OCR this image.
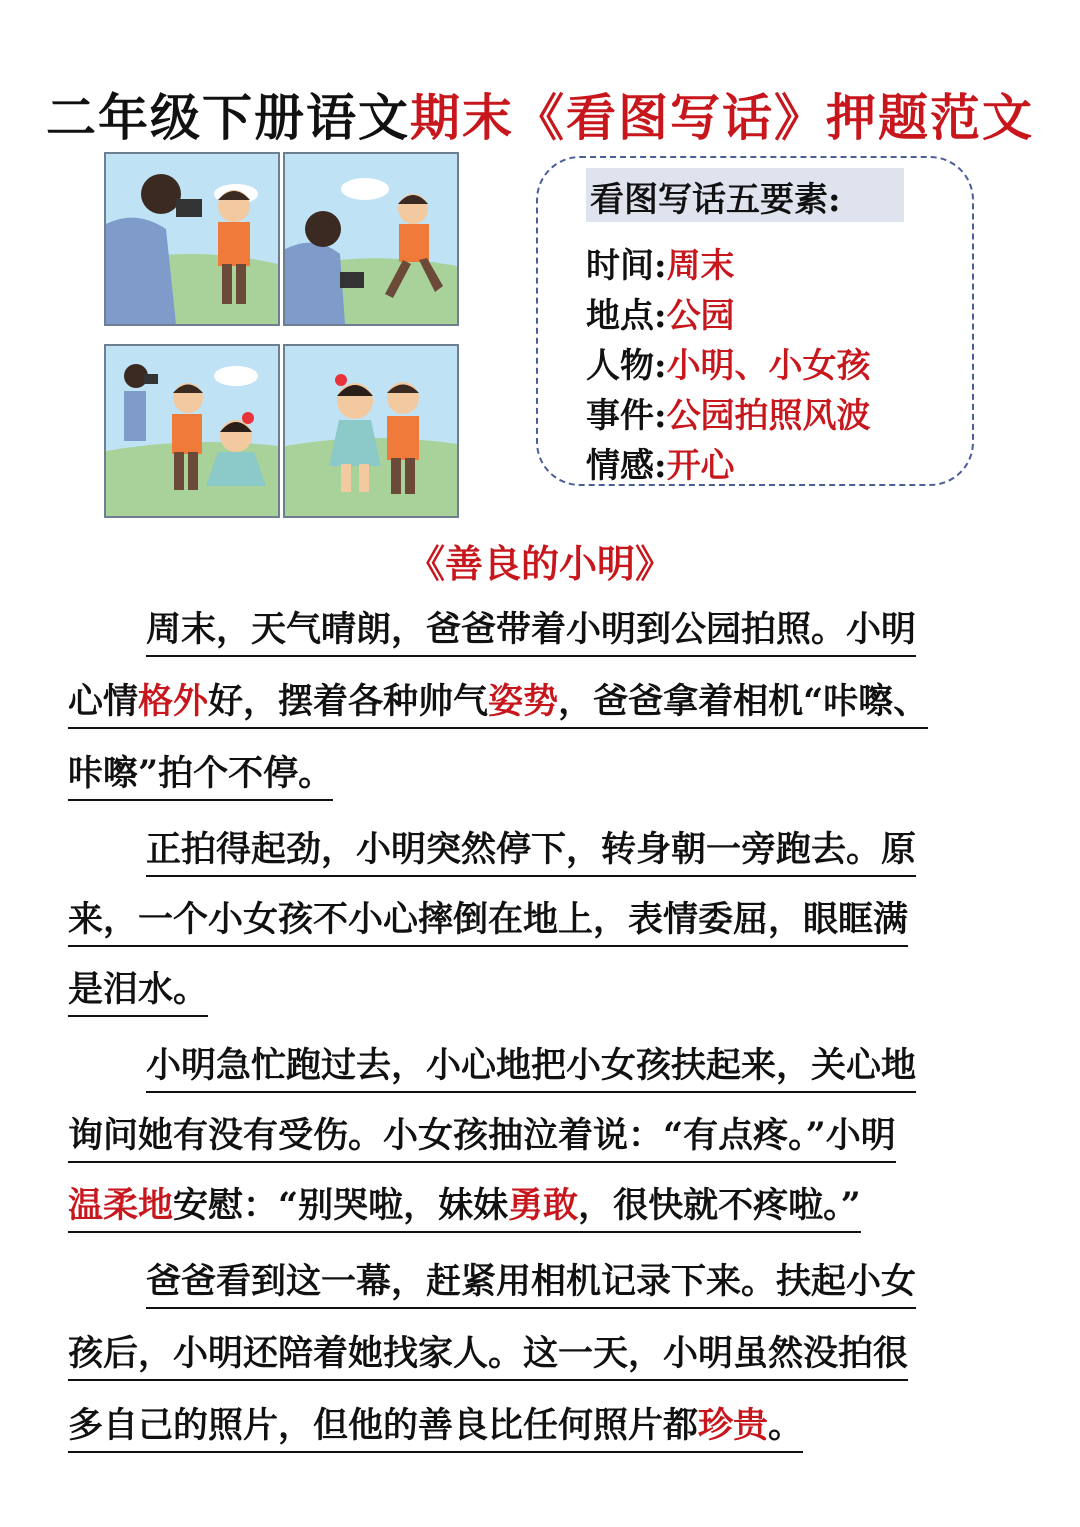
二年级下册语文期末《看图写话》押题范文
看图写话五要素:
时间:周末
地点:公园
人物:小明、小女孩
事件:公园拍照风波
情感:开心
《善良的小明》
周末，天气晴朗，爸爸带着小明到公园拍照。小明
心情格外好，摆着各种帅气姿势，爸爸拿着相机“咔嚓、
咔嚓”拍个不停。
正拍得起劲，小明突然停下，转身朝一旁跑去。原
来，一个小女孩不小心摔倒在地上，表情委屈，眼眶满
是泪水。
小明急忙跑过去，小心地把小女孩扶起来，关心地
询问她有没有受伤。小女孩抽泣着说：“有点疼。”小明
温柔地安慰：“别哭啦，妹妹勇敢，很快就不疼啦。”
爸爸看到这一幕，赶紧用相机记录下来。扶起小女
孩后，小明还陪着她找家人。这一天，小明虽然没拍很
多自己的照片，但他的善良比任何照片都珍贵。
